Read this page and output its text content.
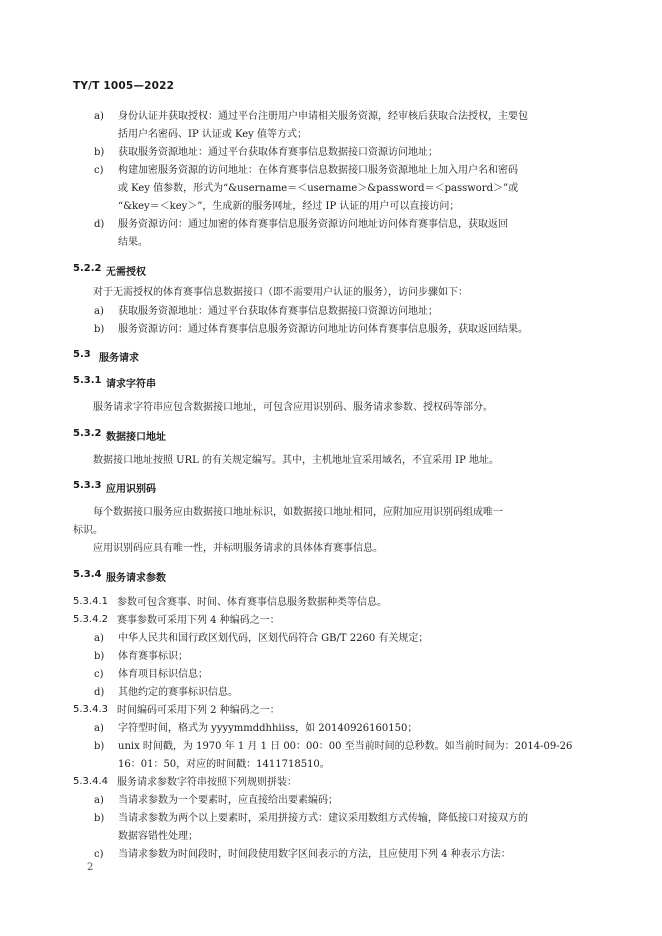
TY/T 1005—2022
a) 身份认证并获取授权：通过平台注册用户申请相关服务资源，经审核后获取合法授权，主要包
括用户名密码、IP 认证或 Key 值等方式；
b) 获取服务资源地址：通过平台获取体育赛事信息数据接口资源访问地址；
c) 构建加密服务资源的访问地址：在体育赛事信息数据接口服务资源地址上加入用户名和密码
或 Key 值参数，形式为“&username＝＜username＞&password＝＜password＞”或
“&key＝＜key＞”，生成新的服务网址，经过 IP 认证的用户可以直接访问；
d) 服务资源访问：通过加密的体育赛事信息服务资源访问地址访问体育赛事信息，获取返回
结果。
5.2.2 无需授权
对于无需授权的体育赛事信息数据接口（即不需要用户认证的服务），访问步骤如下：
a) 获取服务资源地址：通过平台获取体育赛事信息数据接口资源访问地址；
b) 服务资源访问：通过体育赛事信息服务资源访问地址访问体育赛事信息服务，获取返回结果。
5.3 服务请求
5.3.1 请求字符串
服务请求字符串应包含数据接口地址，可包含应用识别码、服务请求参数、授权码等部分。
5.3.2 数据接口地址
数据接口地址按照 URL 的有关规定编写。其中，主机地址宜采用域名，不宜采用 IP 地址。
5.3.3 应用识别码
每个数据接口服务应由数据接口地址标识，如数据接口地址相同，应附加应用识别码组成唯一
标识。
应用识别码应具有唯一性，并标明服务请求的具体体育赛事信息。
5.3.4 服务请求参数
5.3.4.1 参数可包含赛事、时间、体育赛事信息服务数据种类等信息。
5.3.4.2 赛事参数可采用下列 4 种编码之一：
a) 中华人民共和国行政区划代码，区划代码符合 GB/T 2260 有关规定；
b) 体育赛事标识；
c) 体育项目标识信息；
d) 其他约定的赛事标识信息。
5.3.4.3 时间编码可采用下列 2 种编码之一：
a) 字符型时间，格式为 yyyymmddhhiiss，如 20140926160150；
b) unix 时间戳，为 1970 年 1 月 1 日 00：00：00 至当前时间的总秒数。如当前时间为：2014-09-26
16：01：50，对应的时间戳：1411718510。
5.3.4.4 服务请求参数字符串按照下列规则拼装：
a) 当请求参数为一个要素时，应直接给出要素编码；
b) 当请求参数为两个以上要素时，采用拼接方式：建议采用数组方式传输，降低接口对接双方的
数据容错性处理；
c) 当请求参数为时间段时，时间段使用数字区间表示的方法，且应使用下列 4 种表示方法：
2
